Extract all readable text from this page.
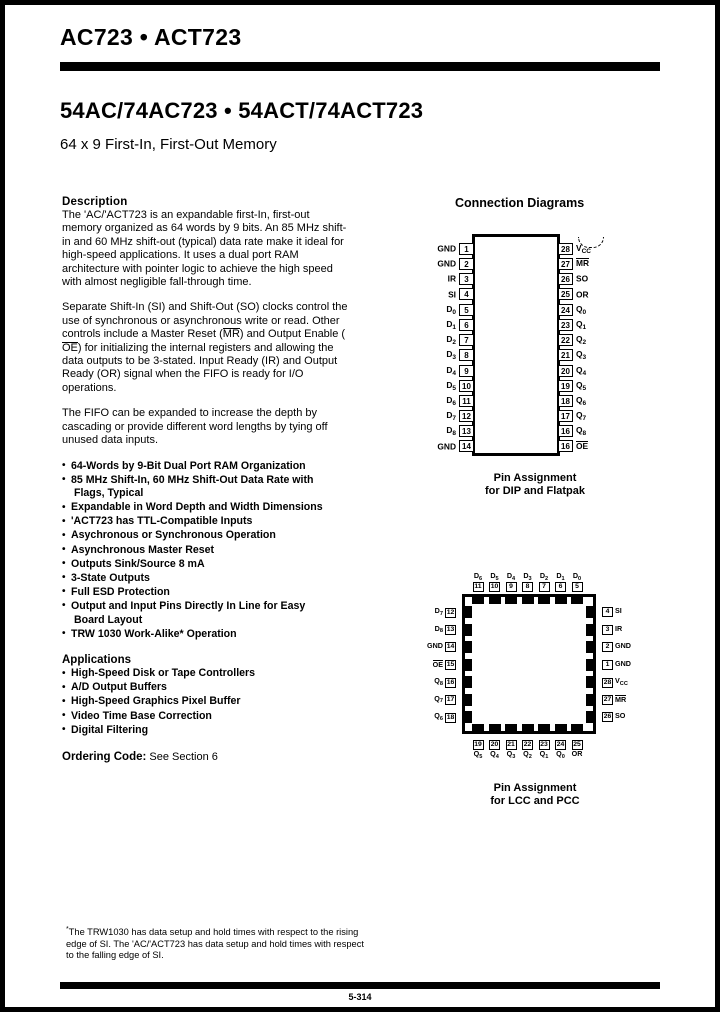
AC723 • ACT723
54AC/74AC723 • 54ACT/74ACT723
64 x 9 First-In, First-Out Memory
Description

The 'AC/'ACT723 is an expandable first-In, first-out memory organized as 64 words by 9 bits. An 85 MHz shift-in and 60 MHz shift-out (typical) data rate make it ideal for high-speed applications. It uses a dual port RAM architecture with pointer logic to achieve the high speed with almost negligible fall-through time.

Separate Shift-In (SI) and Shift-Out (SO) clocks control the use of synchronous or asynchronous write or read. Other controls include a Master Reset (MR) and Output Enable (OE) for initializing the internal registers and allowing the data outputs to be 3-stated. Input Ready (IR) and Output Ready (OR) signal when the FIFO is ready for I/O operations.

The FIFO can be expanded to increase the depth by cascading or provide different word lengths by tying off unused data inputs.

• 64-Words by 9-Bit Dual Port RAM Organization
• 85 MHz Shift-In, 60 MHz Shift-Out Data Rate with
Flags, Typical
• Expandable in Word Depth and Width Dimensions
• 'ACT723 has TTL-Compatible Inputs
• Asychronous or Synchronous Operation
• Asynchronous Master Reset
• Outputs Sink/Source 8 mA
• 3-State Outputs
• Full ESD Protection
• Output and Input Pins Directly In Line for Easy
Board Layout
• TRW 1030 Work-Alike* Operation
Applications
• High-Speed Disk or Tape Controllers
• A/D Output Buffers
• High-Speed Graphics Pixel Buffer
• Video Time Base Correction
• Digital Filtering
Ordering Code: See Section 6
*The TRW1030 has data setup and hold times with respect to the rising edge of SI. The 'AC/'ACT723 has data setup and hold times with respect to the falling edge of SI.
Connection Diagrams
GND 1
GND 2
IR 3
SI 4
$D_0$ 5
$D_1$ 6
$D_2$ 7
$D_3$ 8
$D_4$ 9
$D_5$ 10
$D_6$ 11
$D_7$ 12
$D_8$ 13
GND 14
28 $V_{CC}$
27 MR
26 SO
25 OR
24 $Q_0$
23 $Q_1$
22 $Q_2$
21 $Q_3$
20 $Q_4$
19 $Q_5$
18 $Q_6$
17 $Q_7$
16 $Q_8$
16 OE
Pin Assignment
for DIP and Flatpak
$D_6$
11
$D_5$
10
$D_4$
9
$D_3$
8
$D_2$
7
$D_1$
6
$D_0$
5
19
$Q_5$
20
$Q_4$
21
$Q_3$
22
$Q_2$
23
$Q_1$
24
$Q_0$
25
OR
$D_7$ 12
$D_8$ 13
GND 14
OE 15
$Q_8$ 16
$Q_7$ 17
$Q_6$ 18
4 SI
3 IR
2 GND
1 GND
28 $V_{CC}$
27 MR
26 SO
Pin Assignment
for LCC and PCC
5-314
